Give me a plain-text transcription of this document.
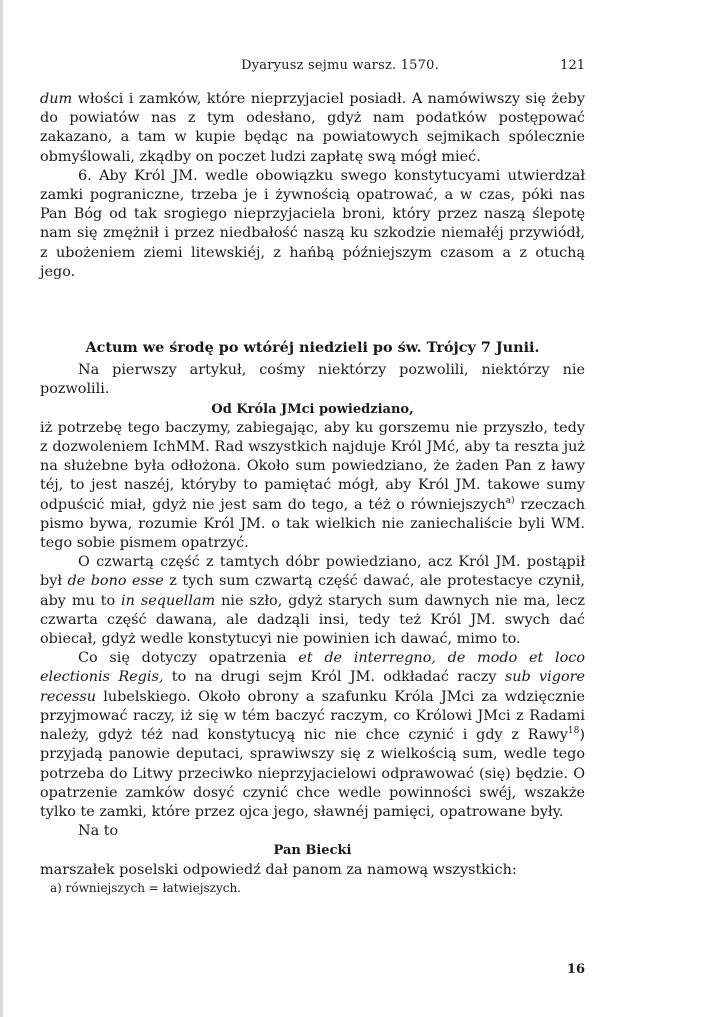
Dyaryusz sejmu warsz. 1570.	121

dum włości i zamków, które nieprzyjaciel posiadł. A namówiwszy się żeby do powiatów nas z tym odesłano, gdyż nam podatków postępować zakazano, a tam w kupie będąc na powiatowych sejmikach spólecznie obmyślowali, zkądby on poczet ludzi zapłatę swą mógł mieć.

6. Aby Król JM. wedle obowiązku swego konstytucyami utwierdzał zamki pograniczne, trzeba je i żywnością opatrować, a w czas, póki nas Pan Bóg od tak srogiego nieprzyjaciela broni, który przez naszą ślepotę nam się zmężnił i przez niedbałość naszą ku szkodzie niemałéj przywiódł, z ubożeniem ziemi litewskiéj, z hańbą późniejszym czasom a z otuchą jego.

Actum we środę po wtóréj niedzieli po św. Trójcy 7 Junii.

Na pierwszy artykuł, cośmy niektórzy pozwolili, niektórzy nie pozwolili.

Od Króla JMci powiedziano,

iż potrzebę tego baczymy, zabiegając, aby ku gorszemu nie przyszło, tedy z dozwoleniem IchMM. Rad wszystkich najduje Król JMć, aby ta reszta już na służebne była odłożona. Około sum powiedziano, że żaden Pan z ławy téj, to jest naszéj, któryby to pamiętać mógł, aby Król JM. takowe sumy odpuścić miał, gdyż nie jest sam do tego, a téż o równiejszych$^{a)}$ rzeczach pismo bywa, rozumie Król JM. o tak wielkich nie zaniechaliście byli WM. tego sobie pismem opatrzyć.

O czwartą część z tamtych dóbr powiedziano, acz Król JM. postąpił był de bono esse z tych sum czwartą część dawać, ale protestacye czynił, aby mu to in sequellam nie szło, gdyż starych sum dawnych nie ma, lecz czwarta część dawana, ale dadząli insi, tedy też Król JM. swych dać obiecał, gdyż wedle konstytucyi nie powinien ich dawać, mimo to.

Co się dotyczy opatrzenia et de interregno, de modo et loco electionis Regis, to na drugi sejm Król JM. odkładać raczy sub vigore recessu lubelskiego. Około obrony a szafunku Króla JMci za wdzięcznie przyjmować raczy, iż się w tém baczyć raczym, co Królowi JMci z Radami należy, gdyż téż nad konstytucyą nic nie chce czynić i gdy z Rawy$^{18}$) przyjadą panowie deputaci, sprawiwszy się z wielkością sum, wedle tego potrzeba do Litwy przeciwko nieprzyjacielowi odprawować (się) będzie. O opatrzenie zamków dosyć czynić chce wedle powinności swéj, wszakże tylko te zamki, które przez ojca jego, sławnéj pamięci, opatrowane były.

Na to

Pan Biecki

marszałek poselski odpowiedź dał panom za namową wszystkich:

a) równiejszych = łatwiejszych.

16
